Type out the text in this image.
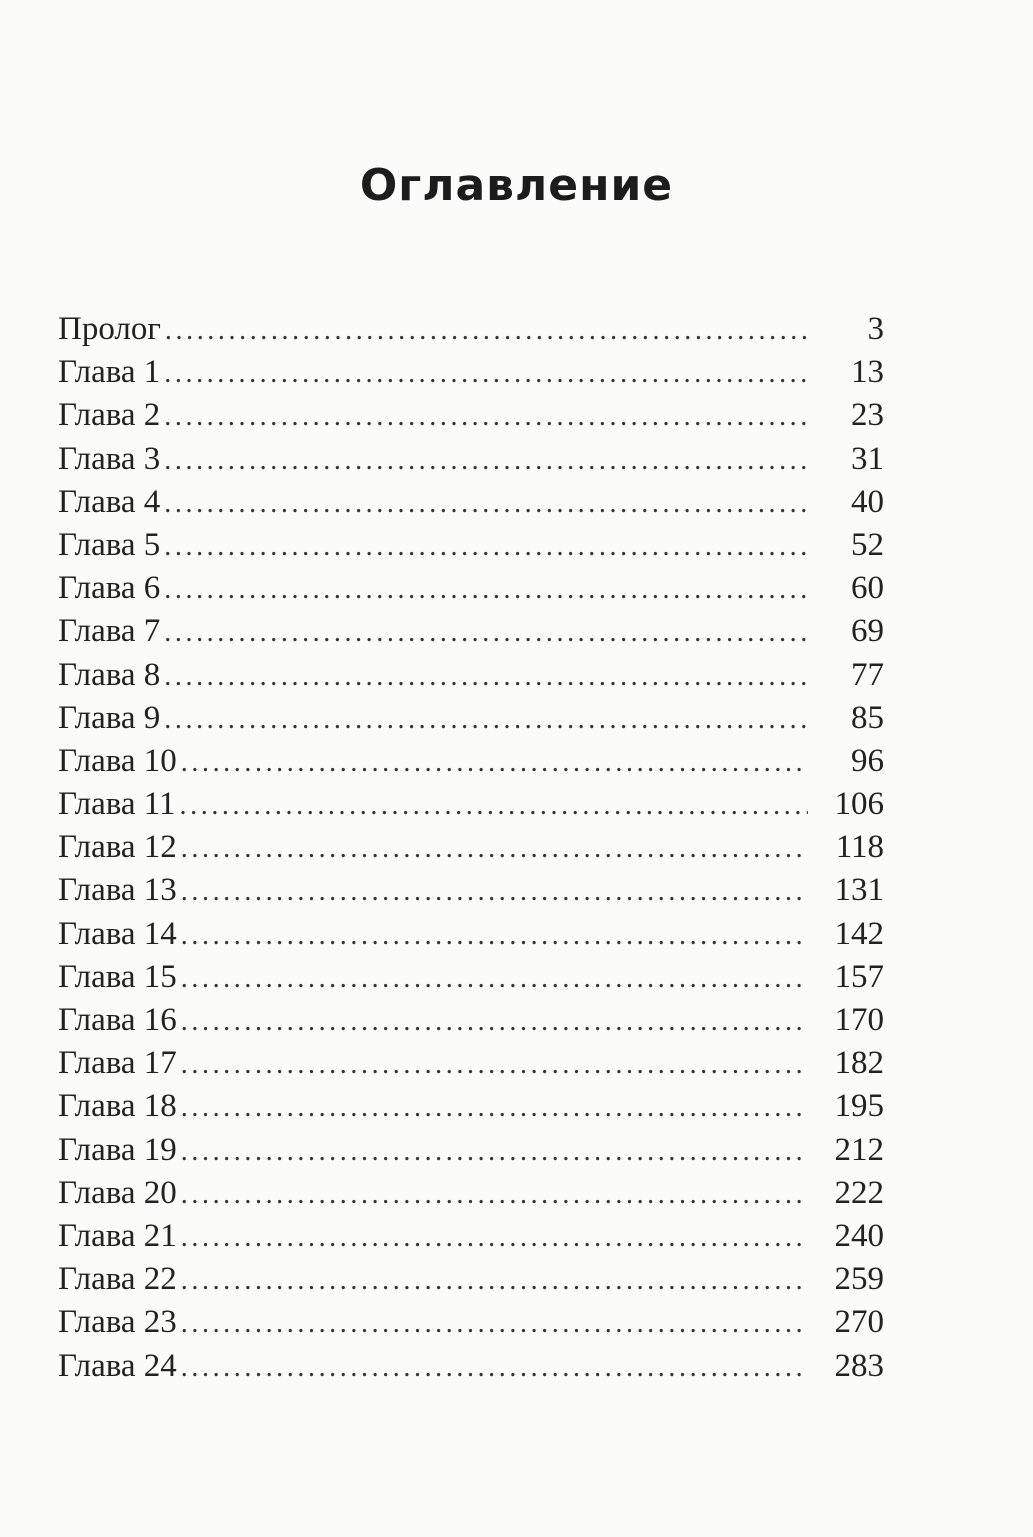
Оглавление
Пролог .....	3
Глава 1 .....	13
Глава 2 .....	23
Глава 3 .....	31
Глава 4 .....	40
Глава 5 .....	52
Глава 6 .....	60
Глава 7 .....	69
Глава 8 .....	77
Глава 9 .....	85
Глава 10 .....	96
Глава 11 .....	106
Глава 12 .....	118
Глава 13 .....	131
Глава 14 .....	142
Глава 15 .....	157
Глава 16 .....	170
Глава 17 .....	182
Глава 18 .....	195
Глава 19 .....	212
Глава 20 .....	222
Глава 21 .....	240
Глава 22 .....	259
Глава 23 .....	270
Глава 24 .....	283
